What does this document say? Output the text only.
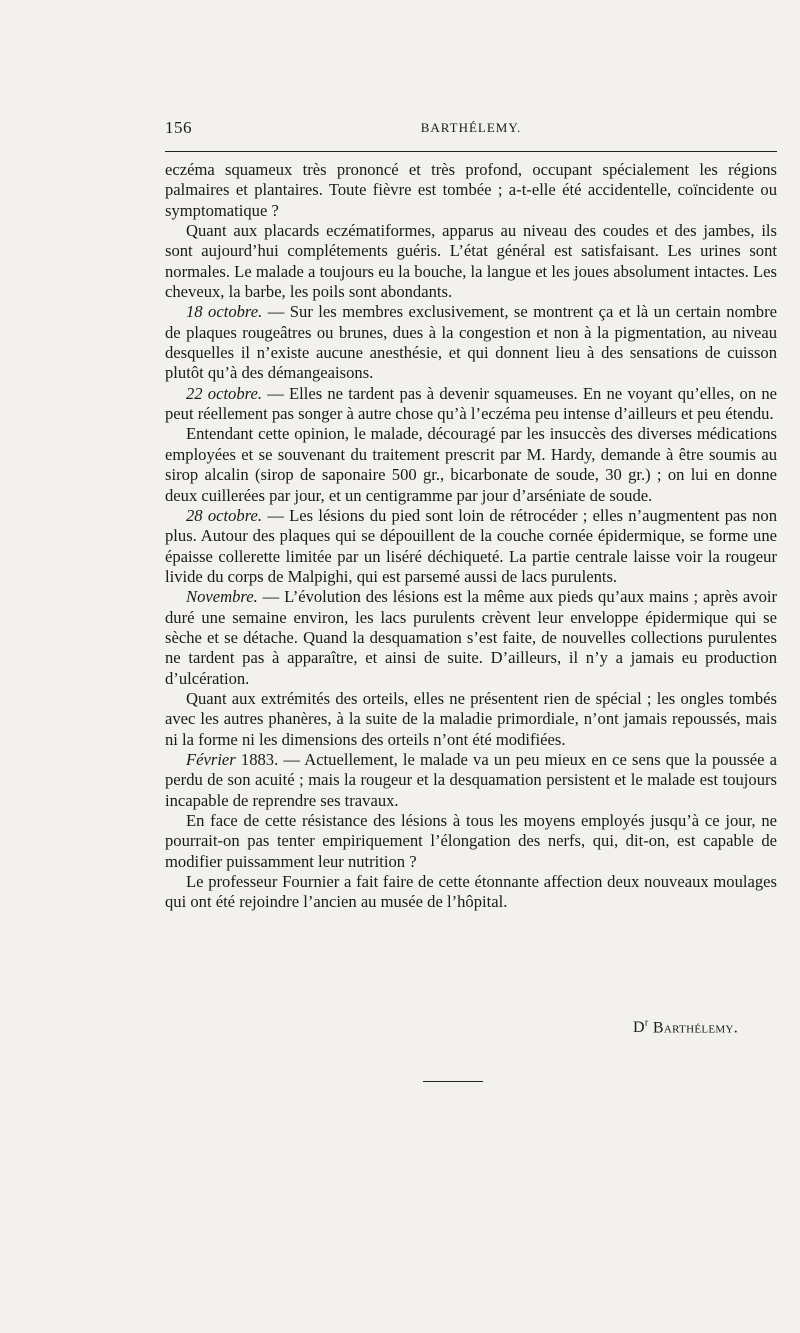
156	BARTHÉLEMY.

eczéma squameux très prononcé et très profond, occupant spécialement les régions palmaires et plantaires. Toute fièvre est tombée ; a-t-elle été accidentelle, coïncidente ou symptomatique ?

Quant aux placards eczématiformes, apparus au niveau des coudes et des jambes, ils sont aujourd’hui complétements guéris. L’état général est satisfaisant. Les urines sont normales. Le malade a toujours eu la bouche, la langue et les joues absolument intactes. Les cheveux, la barbe, les poils sont abondants.

18 octobre. — Sur les membres exclusivement, se montrent ça et là un certain nombre de plaques rougeâtres ou brunes, dues à la congestion et non à la pigmentation, au niveau desquelles il n’existe aucune anesthésie, et qui donnent lieu à des sensations de cuisson plutôt qu’à des démangeaisons.

22 octobre. — Elles ne tardent pas à devenir squameuses. En ne voyant qu’elles, on ne peut réellement pas songer à autre chose qu’à l’eczéma peu intense d’ailleurs et peu étendu.

Entendant cette opinion, le malade, découragé par les insuccès des diverses médications employées et se souvenant du traitement prescrit par M. Hardy, demande à être soumis au sirop alcalin (sirop de saponaire 500 gr., bicarbonate de soude, 30 gr.) ; on lui en donne deux cuillerées par jour, et un centigramme par jour d’arséniate de soude.

28 octobre. — Les lésions du pied sont loin de rétrocéder ; elles n’augmentent pas non plus. Autour des plaques qui se dépouillent de la couche cornée épidermique, se forme une épaisse collerette limitée par un liséré déchiqueté. La partie centrale laisse voir la rougeur livide du corps de Malpighi, qui est parsemé aussi de lacs purulents.

Novembre. — L’évolution des lésions est la même aux pieds qu’aux mains ; après avoir duré une semaine environ, les lacs purulents crèvent leur enveloppe épidermique qui se sèche et se détache. Quand la desquamation s’est faite, de nouvelles collections purulentes ne tardent pas à apparaître, et ainsi de suite. D’ailleurs, il n’y a jamais eu production d’ulcération.

Quant aux extrémités des orteils, elles ne présentent rien de spécial ; les ongles tombés avec les autres phanères, à la suite de la maladie primordiale, n’ont jamais repoussés, mais ni la forme ni les dimensions des orteils n’ont été modifiées.

Février 1883. — Actuellement, le malade va un peu mieux en ce sens que la poussée a perdu de son acuité ; mais la rougeur et la desquamation persistent et le malade est toujours incapable de reprendre ses travaux.

En face de cette résistance des lésions à tous les moyens employés jusqu’à ce jour, ne pourrait-on pas tenter empiriquement l’élongation des nerfs, qui, dit-on, est capable de modifier puissamment leur nutrition ?

Le professeur Fournier a fait faire de cette étonnante affection deux nouveaux moulages qui ont été rejoindre l’ancien au musée de l’hôpital.

$D^r$ Barthélemy.
